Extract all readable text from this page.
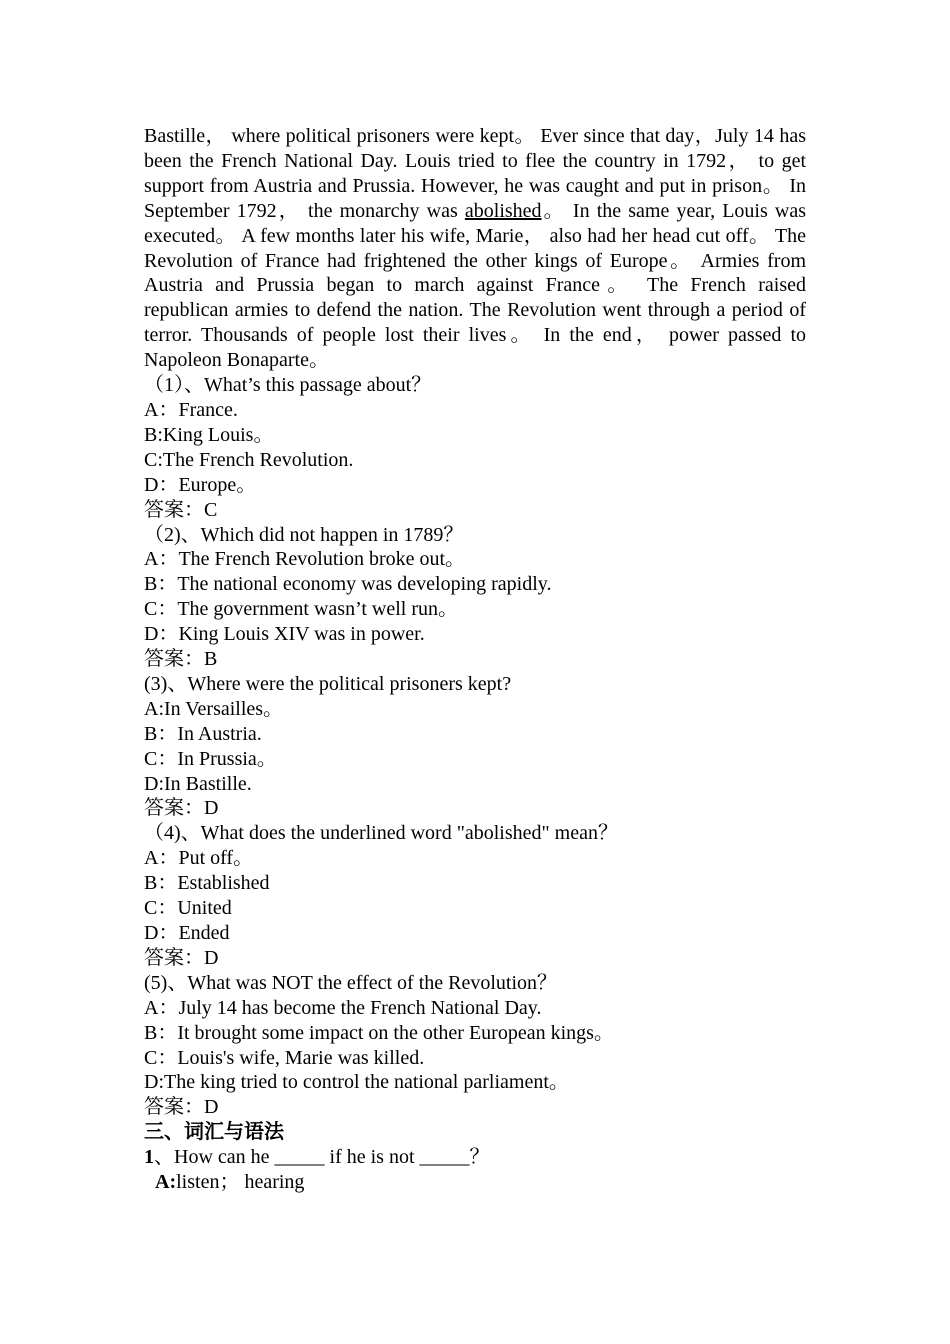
Bastille， where political prisoners were kept。 Ever since that day，July 14 has been the French National Day. Louis tried to flee the country in 1792， to get support from Austria and Prussia. However, he was caught and put in prison。 In September 1792， the monarchy was abolished。 In the same year, Louis was executed。 A few months later his wife, Marie， also had her head cut off。 The Revolution of France had frightened the other kings of Europe。 Armies from Austria and Prussia began to march against France。 The French raised republican armies to defend the nation. The Revolution went through a period of terror. Thousands of people lost their lives。 In the end， power passed to Napoleon Bonaparte。

（1）、What’s this passage about？

A：France.

B:King Louis。

C:The French Revolution.

D：Europe。

答案：C

（2)、Which did not happen in 1789？

A：The French Revolution broke out。

B：The national economy was developing rapidly.

C：The government wasn’t well run。

D：King Louis XIV was in power.

答案：B

(3)、Where were the political prisoners kept?

A:In Versailles。

B：In Austria.

C：In Prussia。

D:In Bastille.

答案：D

（4)、What does the underlined word "abolished" mean？

A：Put off。

B：Established

C：United

D：Ended

答案：D

(5)、What was NOT the effect of the Revolution？

A：July 14 has become the French National Day.

B：It brought some impact on the other European kings。

C：Louis's wife, Marie was killed.

D:The king tried to control the national parliament。

答案：D

三、词汇与语法

1、How can he _____ if he is not _____？

A:listen； hearing
